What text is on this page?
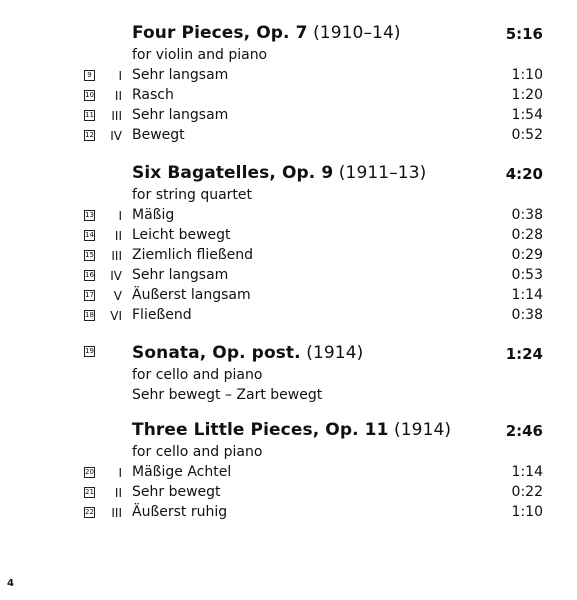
Four Pieces, Op. 7 (1910–14)	5:16
for violin and piano
9 I Sehr langsam	1:10
10 II Rasch	1:20
11 III Sehr langsam	1:54
12 IV Bewegt	0:52
Six Bagatelles, Op. 9 (1911–13)	4:20
for string quartet
13 I Mäßig	0:38
14 II Leicht bewegt	0:28
15 III Ziemlich fließend	0:29
16 IV Sehr langsam	0:53
17 V Äußerst langsam	1:14
18 VI Fließend	0:38
19 Sonata, Op. post. (1914)	1:24
for cello and piano
Sehr bewegt – Zart bewegt
Three Little Pieces, Op. 11 (1914)	2:46
for cello and piano
20 I Mäßige Achtel	1:14
21 II Sehr bewegt	0:22
22 III Äußerst ruhig	1:10
4
